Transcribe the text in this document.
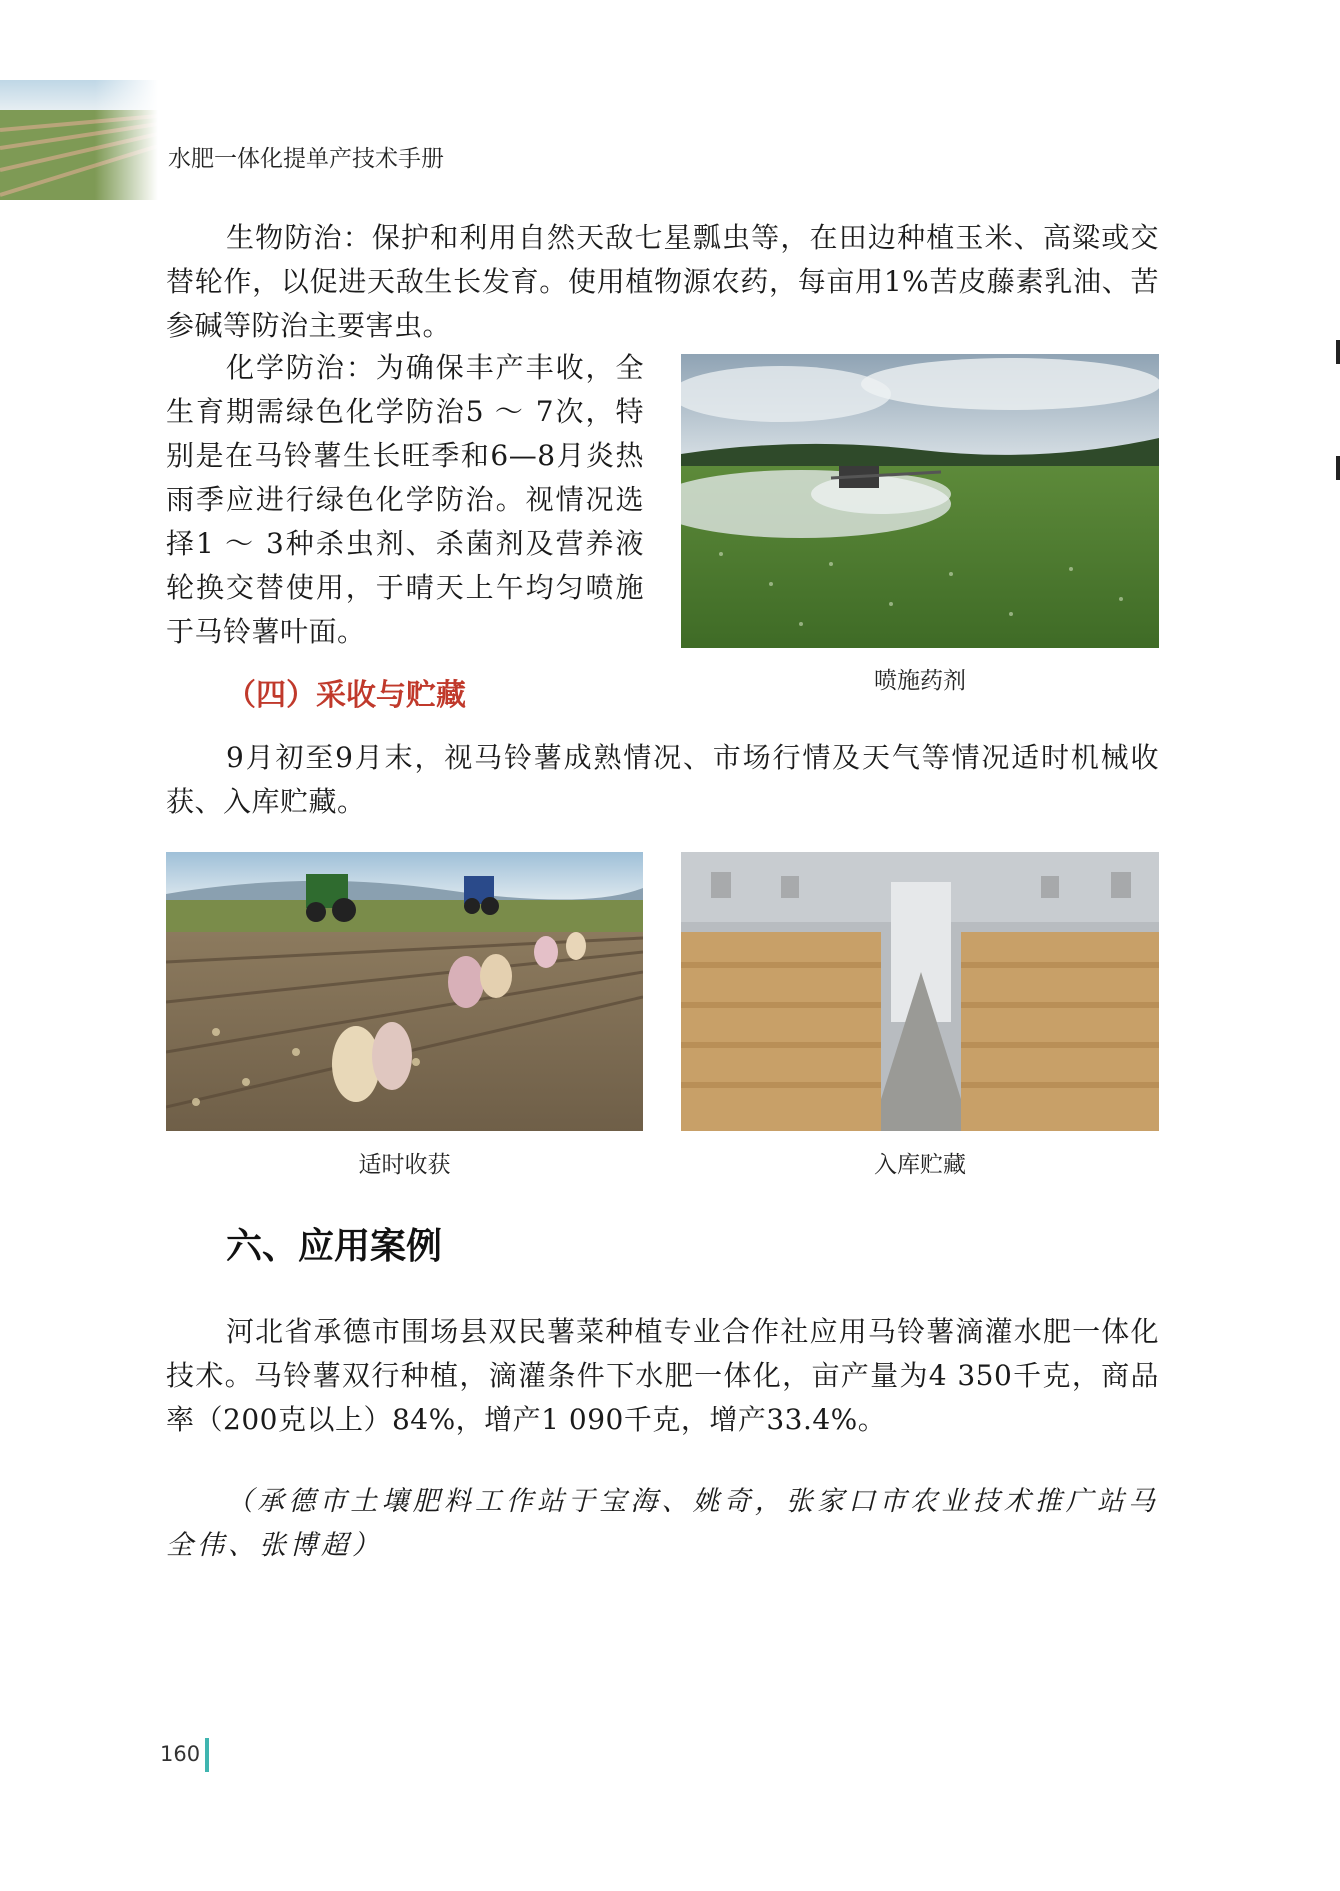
水肥一体化提单产技术手册

生物防治：保护和利用自然天敌七星瓢虫等，在田边种植玉米、高粱或交替轮作，以促进天敌生长发育。使用植物源农药，每亩用1%苦皮藤素乳油、苦参碱等防治主要害虫。

化学防治：为确保丰产丰收，全生育期需绿色化学防治5 ～ 7次，特别是在马铃薯生长旺季和6—8月炎热雨季应进行绿色化学防治。视情况选择1 ～ 3种杀虫剂、杀菌剂及营养液轮换交替使用，于晴天上午均匀喷施于马铃薯叶面。

喷施药剂
（四）采收与贮藏

9月初至9月末，视马铃薯成熟情况、市场行情及天气等情况适时机械收获、入库贮藏。

适时收获	入库贮藏
六、应用案例

河北省承德市围场县双民薯菜种植专业合作社应用马铃薯滴灌水肥一体化技术。马铃薯双行种植，滴灌条件下水肥一体化，亩产量为4 350千克，商品率（200克以上）84%，增产1 090千克，增产33.4%。

（承德市土壤肥料工作站于宝海、姚奇，张家口市农业技术推广站马全伟、张博超）
160
